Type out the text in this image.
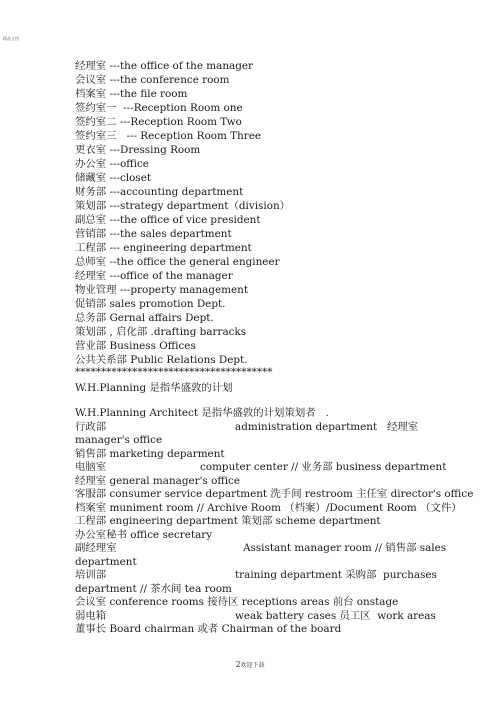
精品文档
经理室 ---the office of the manager
会议室 ---the conference room
档案室 ---the file room
签约室一  ---Reception Room one
签约室二 ---Reception Room Two
签约室三   --- Reception Room Three
更衣室 ---Dressing Room
办公室 ---office
储藏室 ---closet
财务部 ---accounting department
策划部 ---strategy department（division）
副总室 ---the office of vice president
营销部 ---the sales department
工程部 --- engineering department
总师室 --the office the general engineer
经理室 ---office of the manager
物业管理 ---property management
促销部 sales promotion Dept.
总务部 Gernal affairs Dept.
策划部 , 启化部 .drafting barracks
营业部 Business Offices
公共关系部 Public Relations Dept.
**************************************
W.H.Planning 是指华盛敦的计划
W.H.Planning Architect 是指华盛敦的计划策划者   .
行政部	administration department   经理室
manager's office
销售部 marketing deparment
电脑室	computer center // 业务部 business department
经理室 general manager's office
客服部 consumer service department 洗手间 restroom 主任室 director's office
档案室 muniment room // Archive Room （档案）/Document Room （文件）
工程部 engineering department 策划部 scheme department
办公室秘书 office secretary
副经理室	Assistant manager room // 销售部 sales
department
培训部	training department 采购部  purchases
department // 茶水间 tea room
会议室 conference rooms 接待区 receptions areas 前台 onstage
弱电箱	weak battery cases 员工区  work areas
董事长 Board chairman 或者 Chairman of the board
2欢迎下载
